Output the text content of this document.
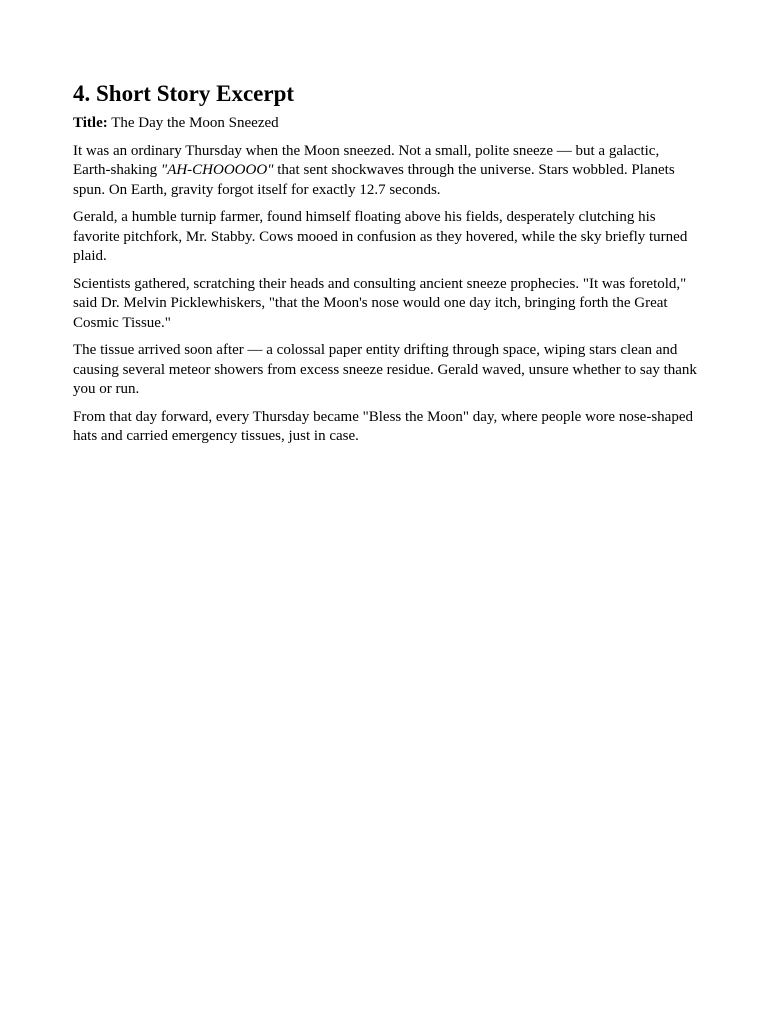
4. Short Story Excerpt

Title: The Day the Moon Sneezed

It was an ordinary Thursday when the Moon sneezed. Not a small, polite sneeze — but a galactic, Earth-shaking "AH-CHOOOOO" that sent shockwaves through the universe. Stars wobbled. Planets spun. On Earth, gravity forgot itself for exactly 12.7 seconds.

Gerald, a humble turnip farmer, found himself floating above his fields, desperately clutching his favorite pitchfork, Mr. Stabby. Cows mooed in confusion as they hovered, while the sky briefly turned plaid.

Scientists gathered, scratching their heads and consulting ancient sneeze prophecies. "It was foretold," said Dr. Melvin Picklewhiskers, "that the Moon's nose would one day itch, bringing forth the Great Cosmic Tissue."

The tissue arrived soon after — a colossal paper entity drifting through space, wiping stars clean and causing several meteor showers from excess sneeze residue. Gerald waved, unsure whether to say thank you or run.

From that day forward, every Thursday became "Bless the Moon" day, where people wore nose-shaped hats and carried emergency tissues, just in case.
